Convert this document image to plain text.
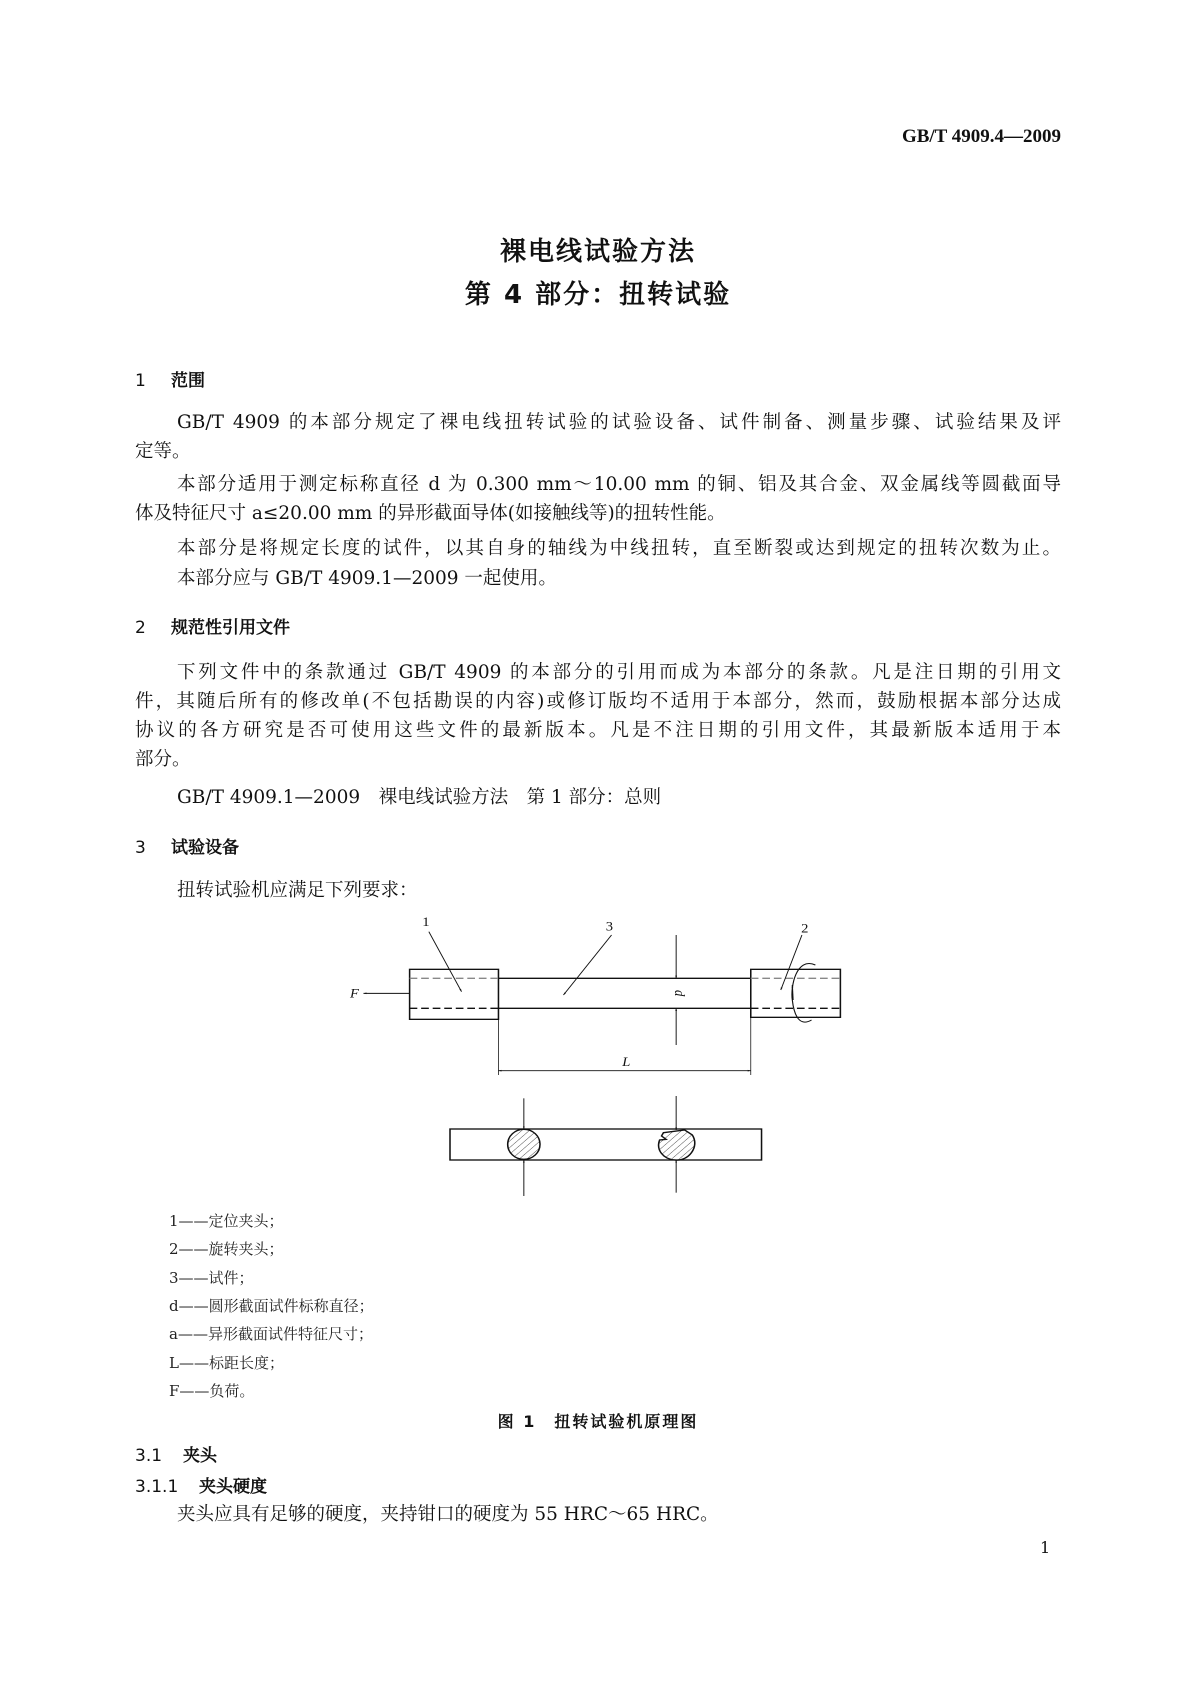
GB/T 4909.4—2009
裸电线试验方法
第 4 部分：扭转试验
1 范围
GB/T 4909 的本部分规定了裸电线扭转试验的试验设备、试件制备、测量步骤、试验结果及评
定等。
本部分适用于测定标称直径 d 为 0.300 mm～10.00 mm 的铜、铝及其合金、双金属线等圆截面导
体及特征尺寸 a≤20.00 mm 的异形截面导体(如接触线等)的扭转性能。
本部分是将规定长度的试件，以其自身的轴线为中线扭转，直至断裂或达到规定的扭转次数为止。
本部分应与 GB/T 4909.1—2009 一起使用。
2 规范性引用文件
下列文件中的条款通过 GB/T 4909 的本部分的引用而成为本部分的条款。凡是注日期的引用文
件，其随后所有的修改单(不包括勘误的内容)或修订版均不适用于本部分，然而，鼓励根据本部分达成
协议的各方研究是否可使用这些文件的最新版本。凡是不注日期的引用文件，其最新版本适用于本
部分。
GB/T 4909.1—2009　裸电线试验方法　第 1 部分：总则
3 试验设备
扭转试验机应满足下列要求：
1	3	2
F
L
d
1——定位夹头；
2——旋转夹头；
3——试件；
d——圆形截面试件标称直径；
a——异形截面试件特征尺寸；
L——标距长度；
F——负荷。
图 1　扭转试验机原理图
3.1 夹头
3.1.1 夹头硬度
夹头应具有足够的硬度，夹持钳口的硬度为 55 HRC～65 HRC。
1
